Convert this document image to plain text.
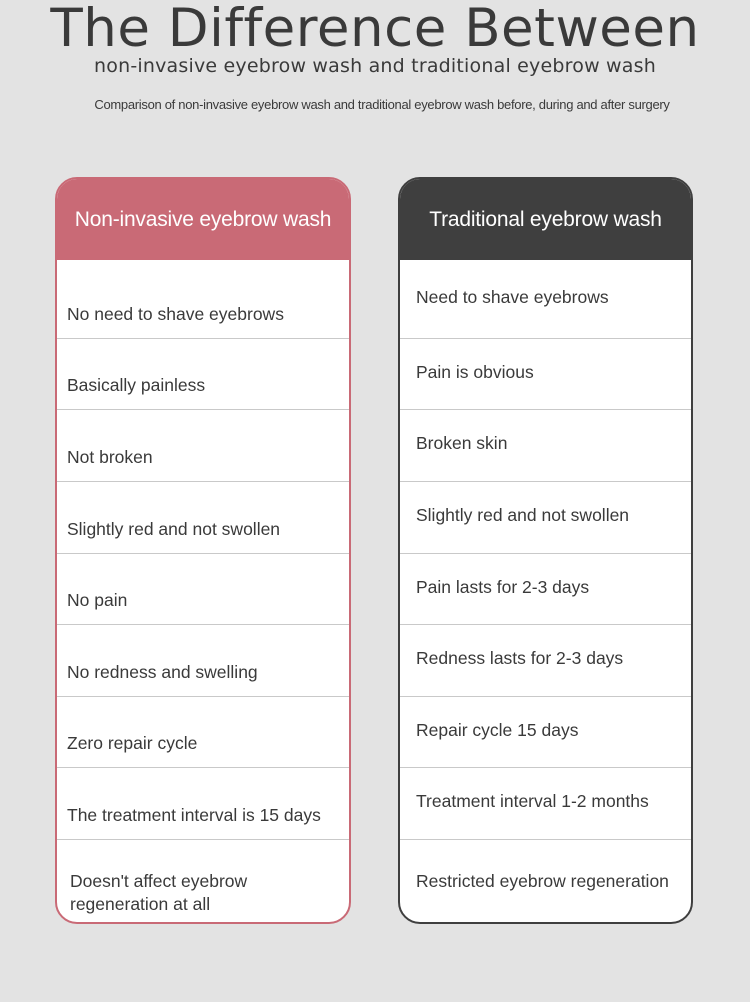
The Difference Between
non-invasive eyebrow wash and traditional eyebrow wash
Comparison of non-invasive eyebrow wash and traditional eyebrow wash before, during and after surgery
Non-invasive eyebrow wash
No need to shave eyebrows
Basically painless
Not broken
Slightly red and not swollen
No pain
No redness and swelling
Zero repair cycle
The treatment interval is 15 days
Doesn't affect eyebrow regeneration at all
Traditional eyebrow wash
Need to shave eyebrows
Pain is obvious
Broken skin
Slightly red and not swollen
Pain lasts for 2-3 days
Redness lasts for 2-3 days
Repair cycle 15 days
Treatment interval 1-2 months
Restricted eyebrow regeneration
